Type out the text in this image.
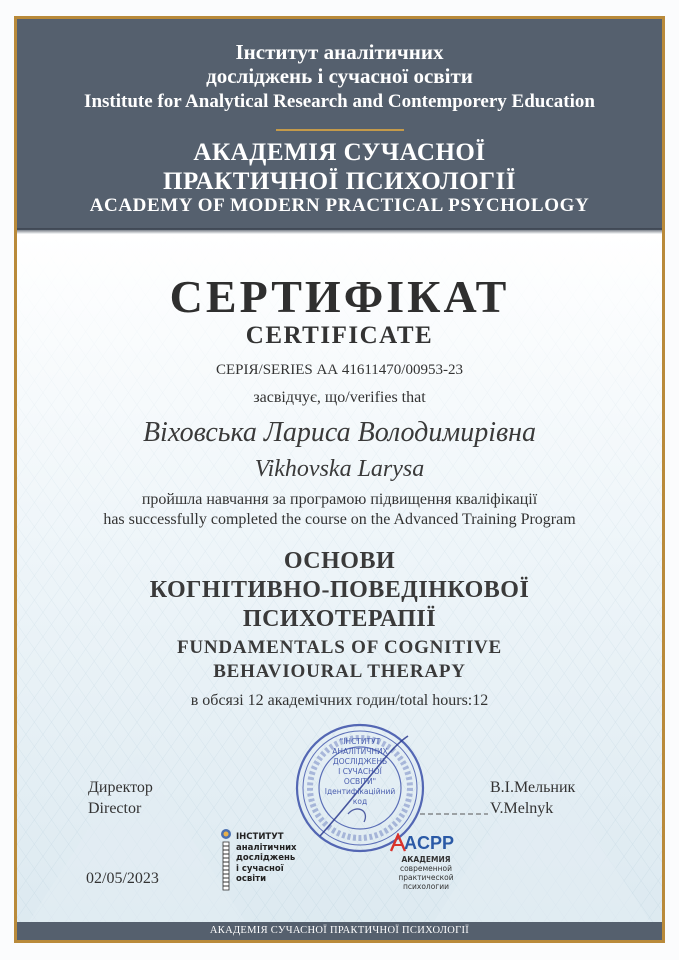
Інститут аналітичних
досліджень і сучасної освіти
Institute for Analytical Research and Contemporery Education
АКАДЕМІЯ СУЧАСНОЇ
ПРАКТИЧНОЇ ПСИХОЛОГІЇ
ACADEMY OF MODERN PRACTICAL PSYCHOLOGY
СЕРТИФІКАТ
CERTIFICATE
СЕРІЯ/SERIES АА 41611470/00953-23
засвідчує, що/verifies that
Віховська Лариса Володимирівна
Vikhovska Larysa
пройшла навчання за програмою підвищення кваліфікації
has successfully completed the course on the Advanced Training Program
ОСНОВИ
КОГНІТИВНО-ПОВЕДІНКОВОЇ
ПСИХОТЕРАПІЇ
FUNDAMENTALS OF COGNITIVE
BEHAVIOURAL THERAPY
в обсязі 12 академічних годин/total hours:12
Директор
Director
В.І.Мельник
V.Melnyk
02/05/2023
"ІНСТИТУТ
АНАЛІТИЧНИХ
ДОСЛІДЖЕНЬ
І СУЧАСНОЇ
ОСВІТИ"
Ідентифікаційний
код
ІНСТИТУТ
аналітичних
досліджень
і сучасної
освіти
ACPP
АКАДЕМИЯ
современной
практической
психологии
АКАДЕМІЯ СУЧАСНОЇ ПРАКТИЧНОЇ ПСИХОЛОГІЇ
